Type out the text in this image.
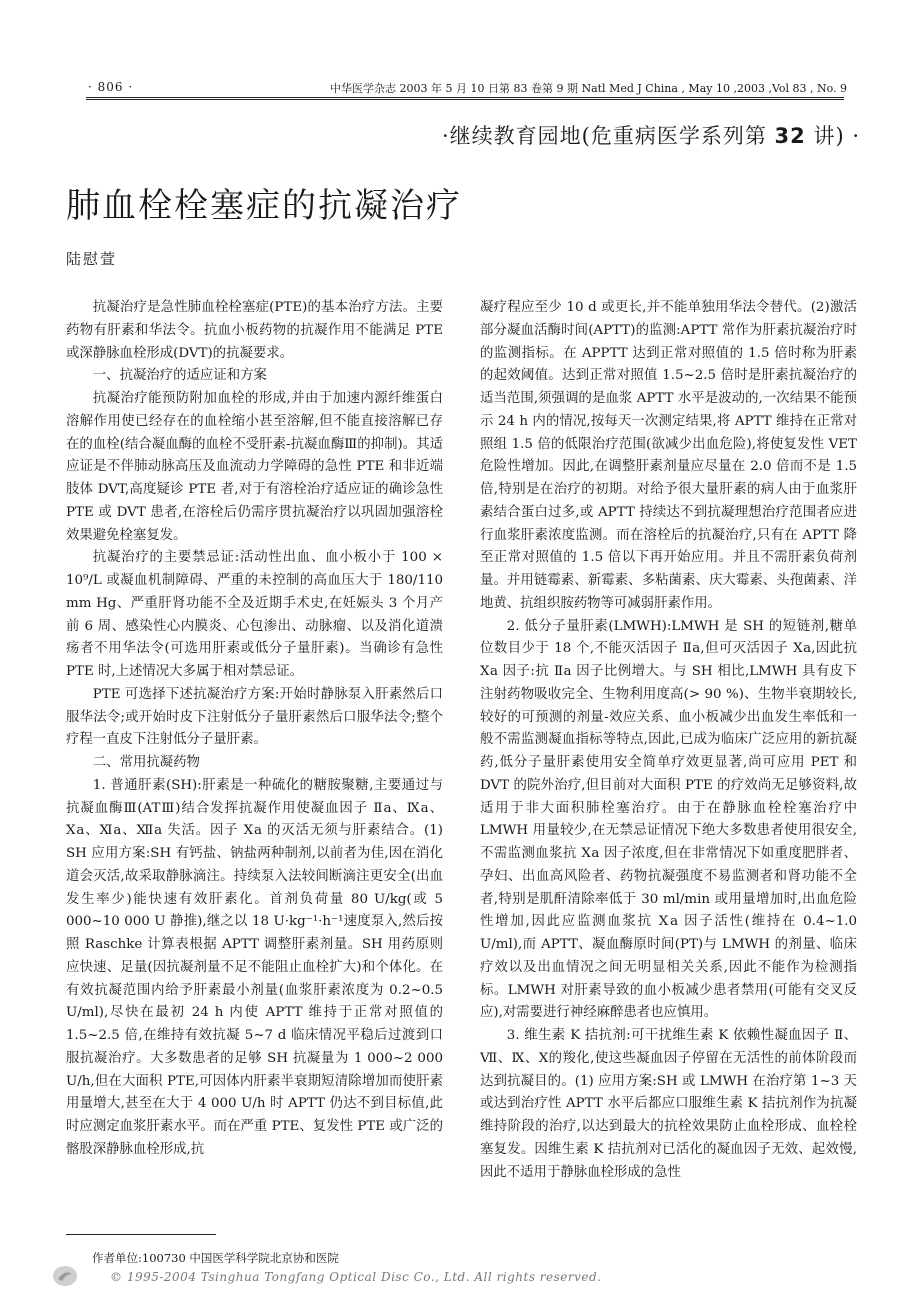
· 806 ·	中华医学杂志 2003 年 5 月 10 日第 83 卷第 9 期 Natl Med J China , May 10 ,2003 ,Vol 83 , No. 9
·继续教育园地(危重病医学系列第 32 讲) ·
肺血栓栓塞症的抗凝治疗
陆慰萱

抗凝治疗是急性肺血栓栓塞症(PTE)的基本治疗方法。主要药物有肝素和华法令。抗血小板药物的抗凝作用不能满足 PTE 或深静脉血栓形成(DVT)的抗凝要求。

一、抗凝治疗的适应证和方案

抗凝治疗能预防附加血栓的形成,并由于加速内源纤维蛋白溶解作用使已经存在的血栓缩小甚至溶解,但不能直接溶解已存在的血栓(结合凝血酶的血栓不受肝素-抗凝血酶Ⅲ的抑制)。其适应证是不伴肺动脉高压及血流动力学障碍的急性 PTE 和非近端肢体 DVT,高度疑诊 PTE 者,对于有溶栓治疗适应证的确诊急性 PTE 或 DVT 患者,在溶栓后仍需序贯抗凝治疗以巩固加强溶栓效果避免栓塞复发。

抗凝治疗的主要禁忌证:活动性出血、血小板小于 100 × 10⁹/L 或凝血机制障碍、严重的未控制的高血压大于 180/110 mm Hg、严重肝肾功能不全及近期手术史,在妊娠头 3 个月产前 6 周、感染性心内膜炎、心包渗出、动脉瘤、以及消化道溃疡者不用华法令(可选用肝素或低分子量肝素)。当确诊有急性 PTE 时,上述情况大多属于相对禁忌证。

PTE 可选择下述抗凝治疗方案:开始时静脉泵入肝素然后口服华法令;或开始时皮下注射低分子量肝素然后口服华法令;整个疗程一直皮下注射低分子量肝素。

二、常用抗凝药物

1. 普通肝素(SH):肝素是一种硫化的糖胺聚糖,主要通过与抗凝血酶Ⅲ(ATⅢ)结合发挥抗凝作用使凝血因子 Ⅱa、Ⅸa、Ⅹa、Ⅺa、Ⅻa 失活。因子 Ⅹa 的灭活无须与肝素结合。(1) SH 应用方案:SH 有钙盐、钠盐两种制剂,以前者为佳,因在消化道会灭活,故采取静脉滴注。持续泵入法较间断滴注更安全(出血发生率少)能快速有效肝素化。首剂负荷量 80 U/kg(或 5 000~10 000 U 静推),继之以 18 U·kg⁻¹·h⁻¹速度泵入,然后按照 Raschke 计算表根据 APTT 调整肝素剂量。SH 用药原则应快速、足量(因抗凝剂量不足不能阻止血栓扩大)和个体化。在有效抗凝范围内给予肝素最小剂量(血浆肝素浓度为 0.2~0.5 U/ml),尽快在最初 24 h 内使 APTT 维持于正常对照值的 1.5~2.5 倍,在维持有效抗凝 5~7 d 临床情况平稳后过渡到口服抗凝治疗。大多数患者的足够 SH 抗凝量为 1 000~2 000 U/h,但在大面积 PTE,可因体内肝素半衰期短清除增加而使肝素用量增大,甚至在大于 4 000 U/h 时 APTT 仍达不到目标值,此时应测定血浆肝素水平。而在严重 PTE、复发性 PTE 或广泛的髂股深静脉血栓形成,抗

凝疗程应至少 10 d 或更长,并不能单独用华法令替代。(2)激活部分凝血活酶时间(APTT)的监测:APTT 常作为肝素抗凝治疗时的监测指标。在 APPTT 达到正常对照值的 1.5 倍时称为肝素的起效阈值。达到正常对照值 1.5~2.5 倍时是肝素抗凝治疗的适当范围,须强调的是血浆 APTT 水平是波动的,一次结果不能预示 24 h 内的情况,按每天一次测定结果,将 APTT 维持在正常对照组 1.5 倍的低限治疗范围(欲减少出血危险),将使复发性 VET 危险性增加。因此,在调整肝素剂量应尽量在 2.0 倍而不是 1.5 倍,特别是在治疗的初期。对给予很大量肝素的病人由于血浆肝素结合蛋白过多,或 APTT 持续达不到抗凝理想治疗范围者应进行血浆肝素浓度监测。而在溶栓后的抗凝治疗,只有在 APTT 降至正常对照值的 1.5 倍以下再开始应用。并且不需肝素负荷剂量。并用链霉素、新霉素、多粘菌素、庆大霉素、头孢菌素、洋地黄、抗组织胺药物等可减弱肝素作用。

2. 低分子量肝素(LMWH):LMWH 是 SH 的短链剂,糖单位数目少于 18 个,不能灭活因子 Ⅱa,但可灭活因子 Ⅹa,因此抗 Ⅹa 因子:抗 Ⅱa 因子比例增大。与 SH 相比,LMWH 具有皮下注射药物吸收完全、生物利用度高(> 90 %)、生物半衰期较长,较好的可预测的剂量-效应关系、血小板减少出血发生率低和一般不需监测凝血指标等特点,因此,已成为临床广泛应用的新抗凝药,低分子量肝素使用安全简单疗效更显著,尚可应用 PET 和 DVT 的院外治疗,但目前对大面积 PTE 的疗效尚无足够资料,故适用于非大面积肺栓塞治疗。由于在静脉血栓栓塞治疗中 LMWH 用量较少,在无禁忌证情况下绝大多数患者使用很安全,不需监测血浆抗 Ⅹa 因子浓度,但在非常情况下如重度肥胖者、孕妇、出血高风险者、药物抗凝强度不易监测者和肾功能不全者,特别是肌酐清除率低于 30 ml/min 或用量增加时,出血危险性增加,因此应监测血浆抗 Ⅹa 因子活性(维持在 0.4~1.0 U/ml),而 APTT、凝血酶原时间(PT)与 LMWH 的剂量、临床疗效以及出血情况之间无明显相关关系,因此不能作为检测指标。LMWH 对肝素导致的血小板减少患者禁用(可能有交叉反应),对需要进行神经麻醉患者也应慎用。

3. 维生素 K 拮抗剂:可干扰维生素 K 依赖性凝血因子 Ⅱ、Ⅶ、Ⅸ、Ⅹ的羧化,使这些凝血因子停留在无活性的前体阶段而达到抗凝目的。(1) 应用方案:SH 或 LMWH 在治疗第 1~3 天或达到治疗性 APTT 水平后都应口服维生素 K 拮抗剂作为抗凝维持阶段的治疗,以达到最大的抗栓效果防止血栓形成、血栓栓塞复发。因维生素 K 拮抗剂对已活化的凝血因子无效、起效慢,因此不适用于静脉血栓形成的急性

作者单位:100730 中国医学科学院北京协和医院
© 1995-2004 Tsinghua Tongfang Optical Disc Co., Ltd. All rights reserved.
